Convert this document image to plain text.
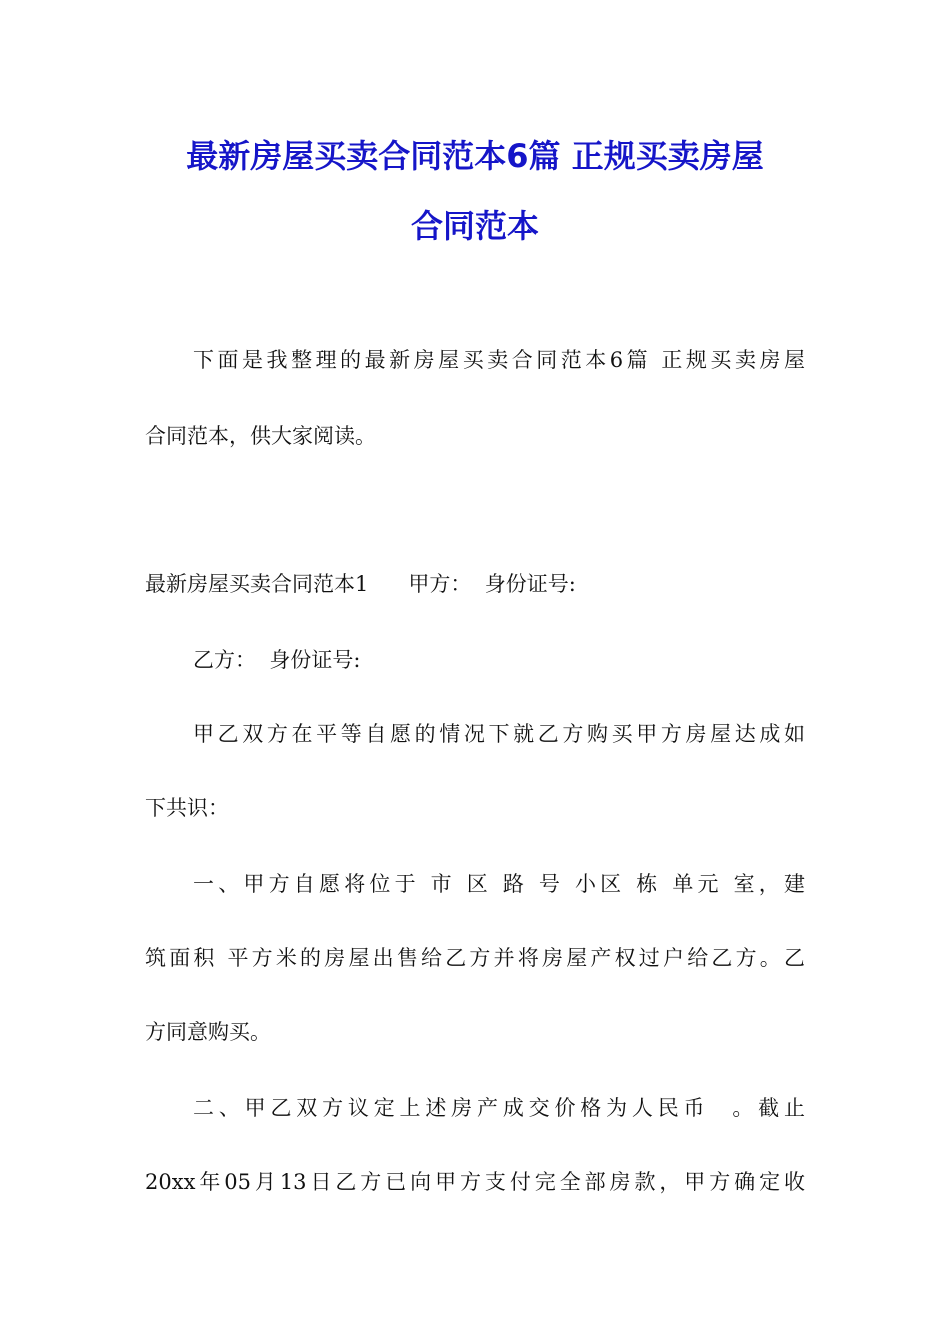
最新房屋买卖合同范本6篇 正规买卖房屋
合同范本
下面是我整理的最新房屋买卖合同范本6篇 正规买卖房屋
合同范本，供大家阅读。
最新房屋买卖合同范本1      甲方：  身份证号:
乙方：  身份证号:
甲乙双方在平等自愿的情况下就乙方购买甲方房屋达成如
下共识：
一、甲方自愿将位于 市 区 路 号 小区 栋 单元 室，建
筑面积 平方米的房屋出售给乙方并将房屋产权过户给乙方。乙
方同意购买。
二、甲乙双方议定上述房产成交价格为人民币  。截止
20xx年05月13日乙方已向甲方支付完全部房款，甲方确定收
